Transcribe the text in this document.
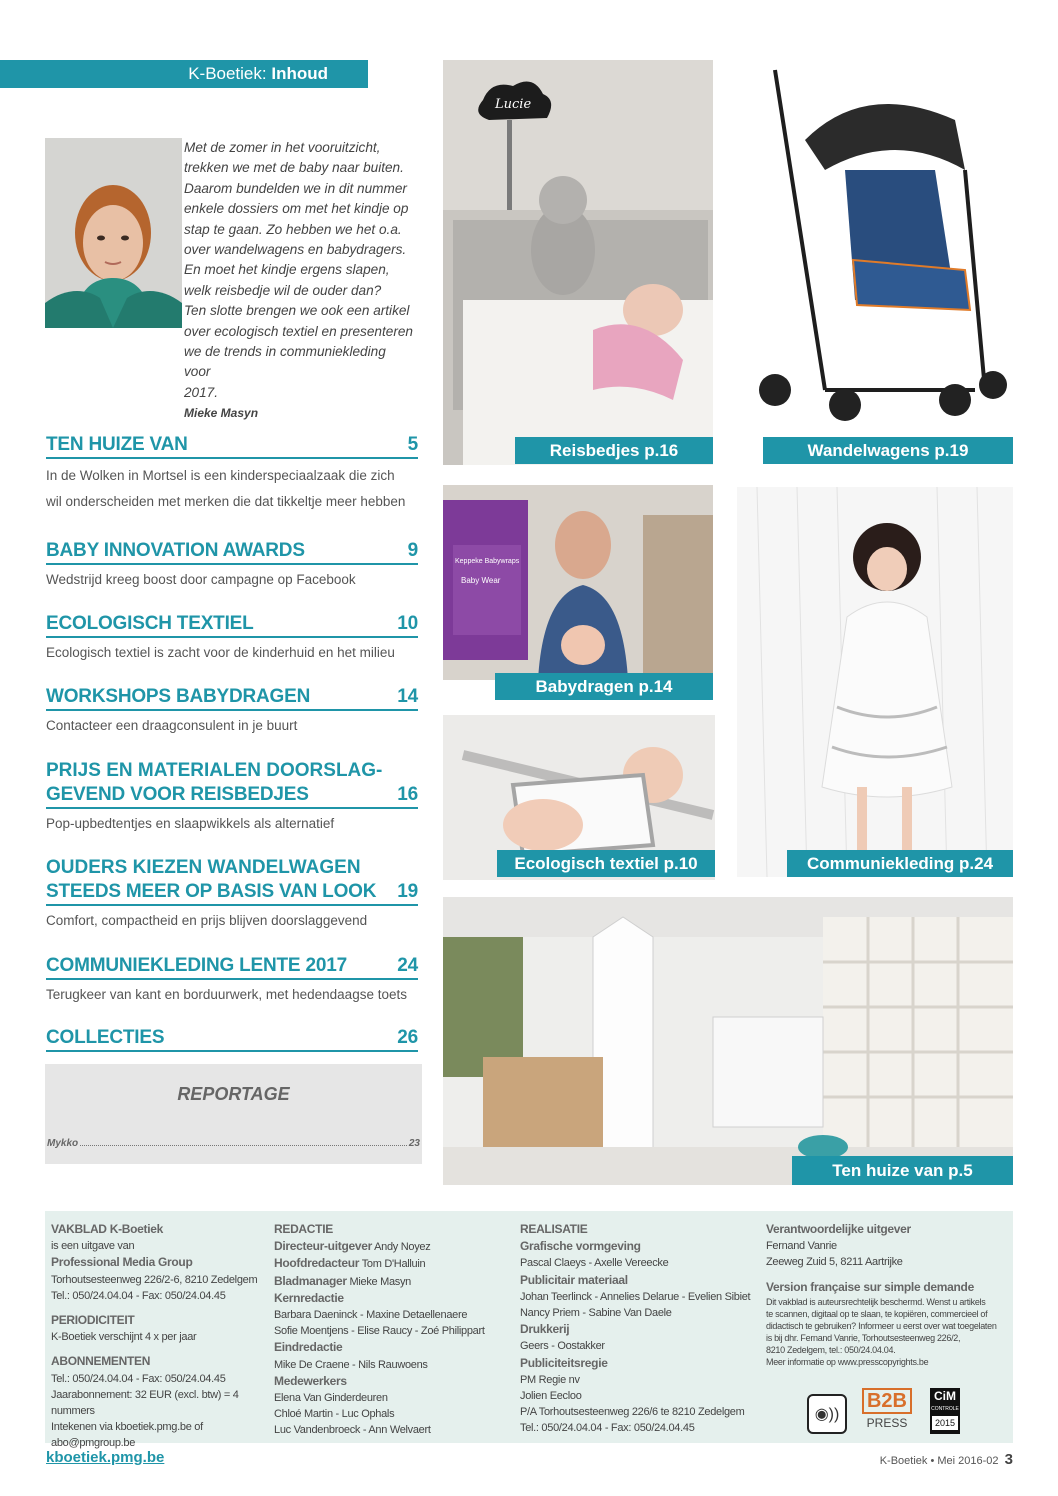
K-Boetiek: Inhoud
Met de zomer in het vooruitzicht,
trekken we met de baby naar buiten.
Daarom bundelden we in dit nummer
enkele dossiers om met het kindje op
stap te gaan. Zo hebben we het o.a.
over wandelwagens en babydragers.
En moet het kindje ergens slapen,
welk reisbedje wil de ouder dan?
Ten slotte brengen we ook een artikel
over ecologisch textiel en presenteren
we de trends in communiekleding voor
2017.
Mieke Masyn
TEN HUIZE VAN	5
In de Wolken in Mortsel is een kinderspeciaalzaak die zich
wil onderscheiden met merken die dat tikkeltje meer hebben
BABY INNOVATION AWARDS	9
Wedstrijd kreeg boost door campagne op Facebook
ECOLOGISCH TEXTIEL	10
Ecologisch textiel is zacht voor de kinderhuid en het milieu
WORKSHOPS BABYDRAGEN	14
Contacteer een draagconsulent in je buurt
PRIJS EN MATERIALEN DOORSLAG-
GEVEND VOOR REISBEDJES	16
Pop-upbedtentjes en slaapwikkels als alternatief
OUDERS KIEZEN WANDELWAGEN
STEEDS MEER OP BASIS VAN LOOK 19
Comfort, compactheid en prijs blijven doorslaggevend
COMMUNIEKLEDING LENTE 2017	24
Terugkeer van kant en borduurwerk, met hedendaagse toets
COLLECTIES	26
REPORTAGE
Mykko	23
Lucie
Reisbedjes p.16	Wandelwagens p.19
Keppeke Babywraps
Baby Wear
Babydragen p.14
Ecologisch textiel p.10	Communiekleding p.24
Ten huize van p.5
VAKBLAD K-Boetiek
is een uitgave van
Professional Media Group
Torhoutsesteenweg 226/2-6, 8210 Zedelgem
Tel.: 050/24.04.04 - Fax: 050/24.04.45
PERIODICITEIT
K-Boetiek verschijnt 4 x per jaar
ABONNEMENTEN
Tel.: 050/24.04.04 - Fax: 050/24.04.45
Jaarabonnement: 32 EUR (excl. btw) = 4 nummers
Intekenen via kboetiek.pmg.be of abo@pmgroup.be
REDACTIE
Directeur-uitgever Andy Noyez
Hoofdredacteur Tom D'Halluin
Bladmanager Mieke Masyn
Kernredactie
Barbara Daeninck - Maxine Detaellenaere
Sofie Moentjens - Elise Raucy - Zoé Philippart
Eindredactie
Mike De Craene - Nils Rauwoens
Medewerkers
Elena Van Ginderdeuren
Chloé Martin - Luc Ophals
Luc Vandenbroeck - Ann Welvaert
REALISATIE
Grafische vormgeving
Pascal Claeys - Axelle Vereecke
Publicitair materiaal
Johan Teerlinck - Annelies Delarue - Evelien Sibiet
Nancy Priem - Sabine Van Daele
Drukkerij
Geers - Oostakker
Publiciteitsregie
PM Regie nv
Jolien Eecloo
P/A Torhoutsesteenweg 226/6 te 8210 Zedelgem
Tel.: 050/24.04.04 - Fax: 050/24.04.45
Verantwoordelijke uitgever
Fernand Vanrie
Zeeweg Zuid 5, 8211 Aartrijke
Version française sur simple demande
Dit vakblad is auteursrechtelijk beschermd. Wenst u artikels
te scannen, digitaal op te slaan, te kopiëren, commercieel of
didactisch te gebruiken? Informeer u eerst over wat toegelaten
is bij dhr. Fernand Vanrie, Torhoutsesteenweg 226/2,
8210 Zedelgem, tel.: 050/24.04.04.
Meer informatie op www.presscopyrights.be
◉))
B2B
PRESS
CiM
CONTROLE
2015
kboetiek.pmg.be	K-Boetiek • Mei 2016-02 3
